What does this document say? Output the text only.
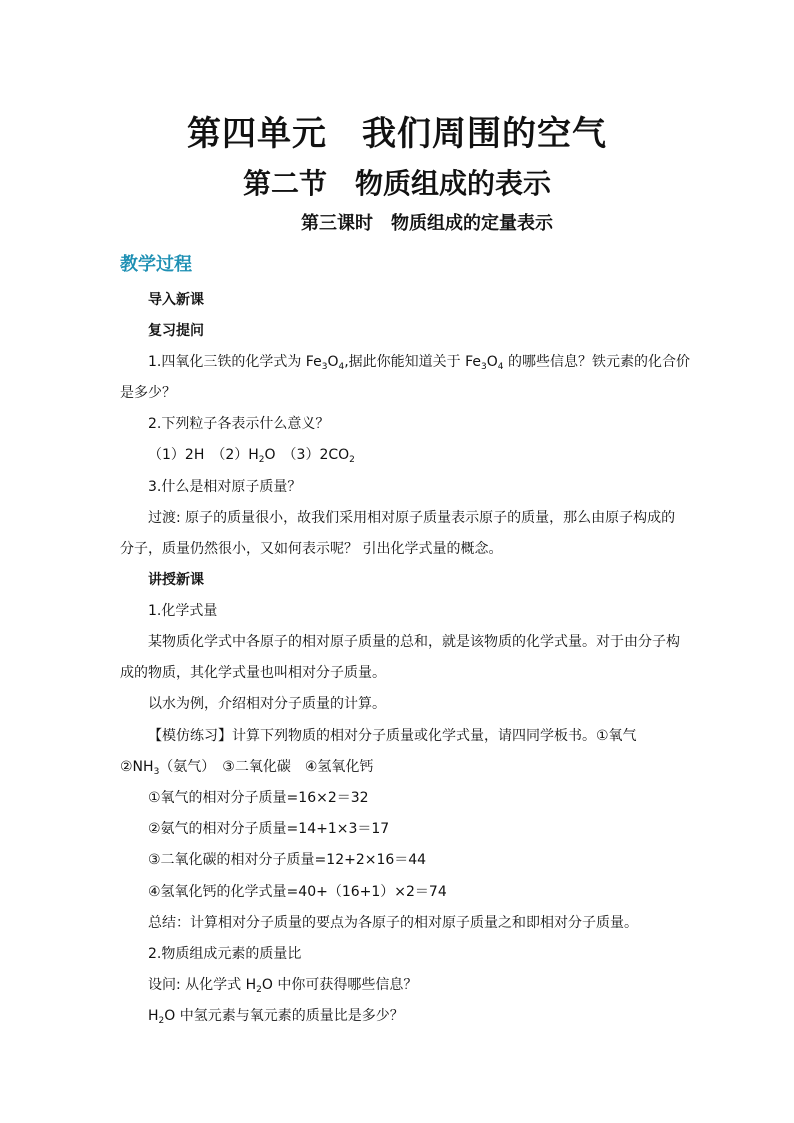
第四单元　我们周围的空气
第二节　物质组成的表示
第三课时　物质组成的定量表示
教学过程
导入新课
复习提问
1.四氧化三铁的化学式为 $Fe_3O_4$,据此你能知道关于 $Fe_3O_4$ 的哪些信息？铁元素的化合价
是多少？
2.下列粒子各表示什么意义？
（1）2H　$(2)H_2O$　$(3)2CO_2$
3.什么是相对原子质量？
过渡: 原子的质量很小，故我们采用相对原子质量表示原子的质量，那么由原子构成的
分子，质量仍然很小，又如何表示呢？ 引出化学式量的概念。
讲授新课
1.化学式量
某物质化学式中各原子的相对原子质量的总和，就是该物质的化学式量。对于由分子构
成的物质，其化学式量也叫相对分子质量。
以水为例，介绍相对分子质量的计算。
【模仿练习】计算下列物质的相对分子质量或化学式量，请四同学板书。①氧气
$②NH_3$（氨气）　③二氧化碳　④氢氧化钙
①氧气的相对分子质量=16×2＝32
②氨气的相对分子质量=14+1×3＝17
③二氧化碳的相对分子质量=12+2×16＝44
④氢氧化钙的化学式量=40+（16+1）×2＝74
总结：计算相对分子质量的要点为各原子的相对原子质量之和即相对分子质量。
2.物质组成元素的质量比
设问: 从化学式 $H_2O$ 中你可获得哪些信息？
$H_2O$ 中氢元素与氧元素的质量比是多少？
